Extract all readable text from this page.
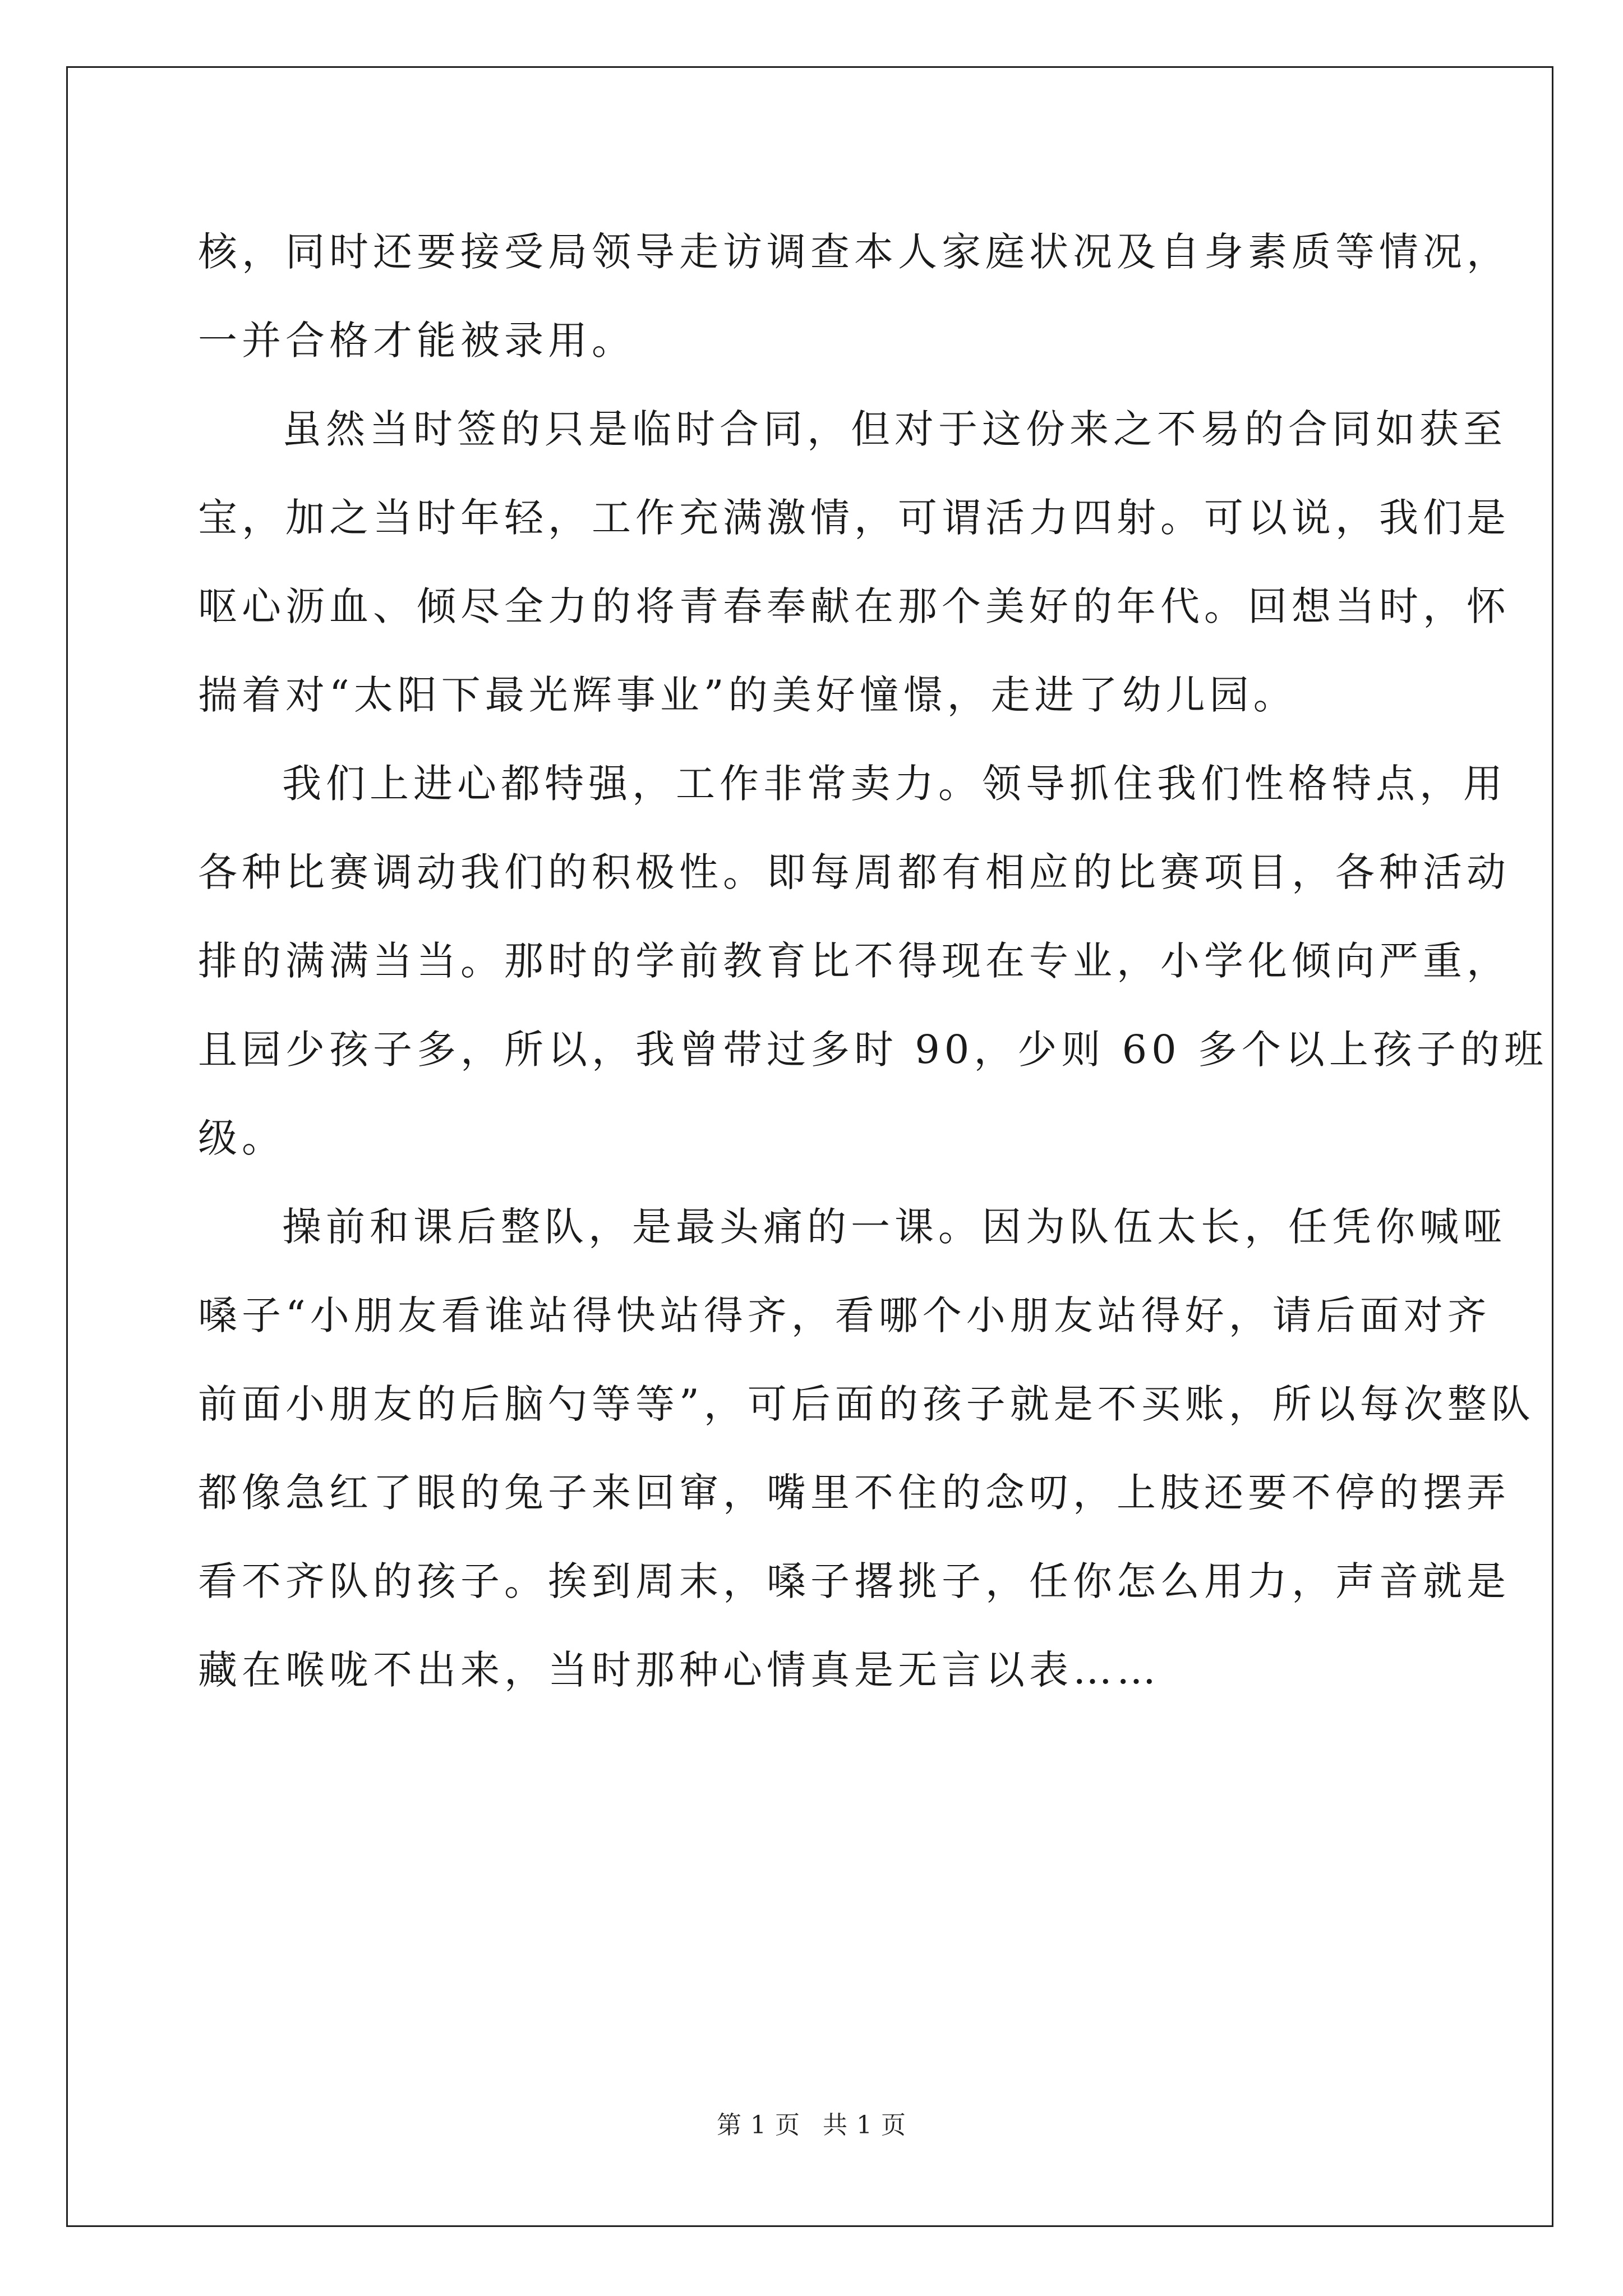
核，同时还要接受局领导走访调查本人家庭状况及自身素质等情况，
一并合格才能被录用。
虽然当时签的只是临时合同，但对于这份来之不易的合同如获至
宝，加之当时年轻，工作充满激情，可谓活力四射。可以说，我们是
呕心沥血、倾尽全力的将青春奉献在那个美好的年代。回想当时，怀
揣着对“太阳下最光辉事业”的美好憧憬，走进了幼儿园。
我们上进心都特强，工作非常卖力。领导抓住我们性格特点，用
各种比赛调动我们的积极性。即每周都有相应的比赛项目，各种活动
排的满满当当。那时的学前教育比不得现在专业，小学化倾向严重，
且园少孩子多，所以，我曾带过多时 90，少则 60 多个以上孩子的班
级。
操前和课后整队，是最头痛的一课。因为队伍太长，任凭你喊哑
嗓子“小朋友看谁站得快站得齐，看哪个小朋友站得好，请后面对齐
前面小朋友的后脑勺等等”，可后面的孩子就是不买账，所以每次整队
都像急红了眼的兔子来回窜，嘴里不住的念叨，上肢还要不停的摆弄
看不齐队的孩子。挨到周末，嗓子撂挑子，任你怎么用力，声音就是
藏在喉咙不出来，当时那种心情真是无言以表……
第 1 页 共 1 页
